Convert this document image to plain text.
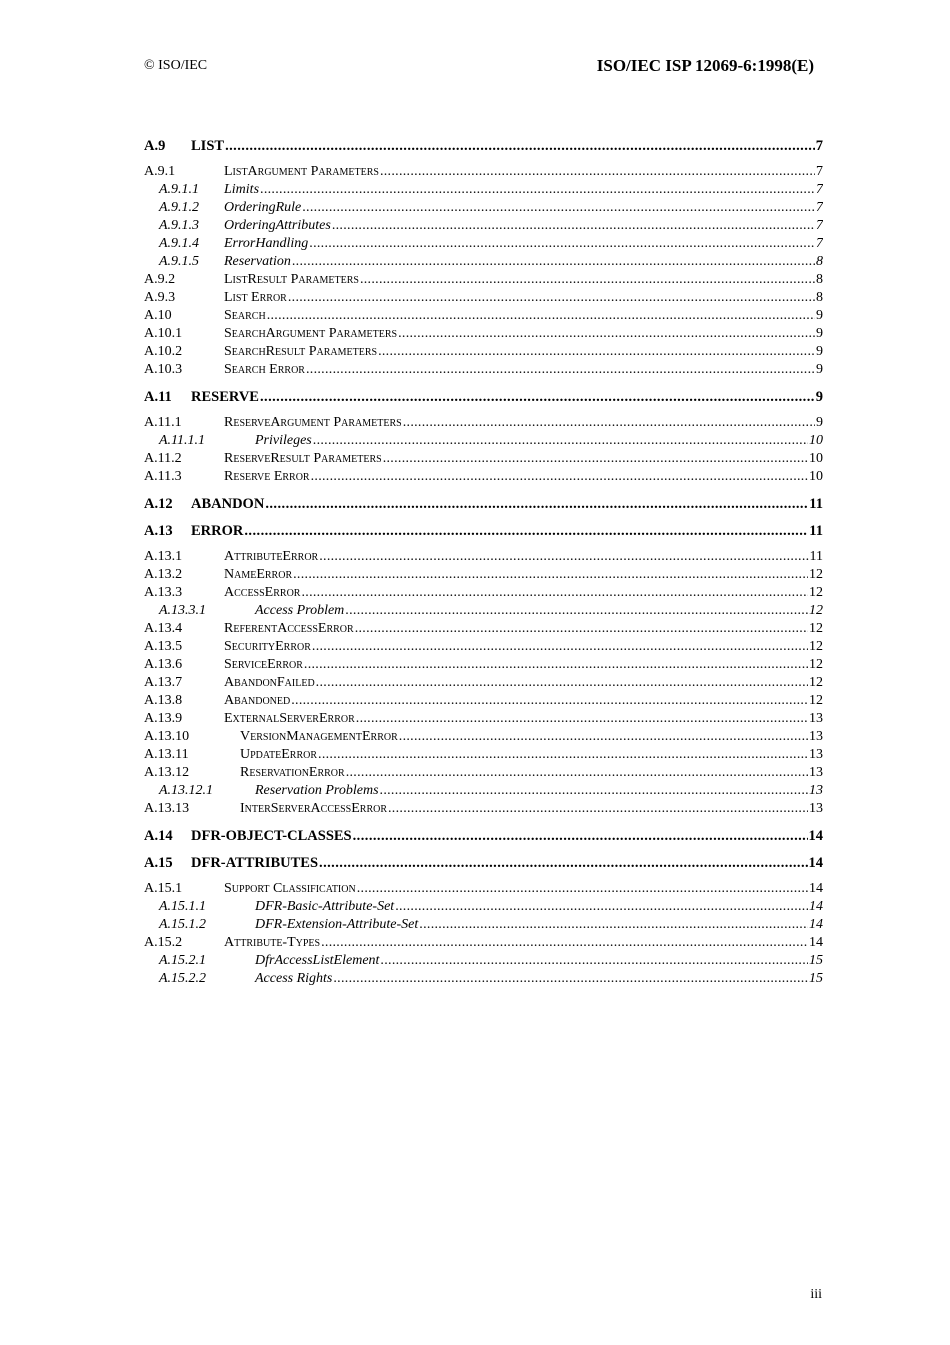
© ISO/IEC	ISO/IEC ISP 12069-6:1998(E)
A.9	LIST . . .	7
A.9.1	ListArgument Parameters . . .	7
A.9.1.1	Limits . . .	7
A.9.1.2	OrderingRule . . .	7
A.9.1.3	OrderingAttributes . . .	7
A.9.1.4	ErrorHandling . . .	7
A.9.1.5	Reservation . . .	8
A.9.2	ListResult Parameters . . .	8
A.9.3	List Error . . .	8
A.10	Search . . .	9
A.10.1	SearchArgument Parameters . . .	9
A.10.2	SearchResult Parameters . . .	9
A.10.3	Search Error . . .	9
A.11	RESERVE . . .	9
A.11.1	ReserveArgument Parameters . . .	9
A.11.1.1	Privileges . . .	10
A.11.2	ReserveResult Parameters . . .	10
A.11.3	Reserve Error . . .	10
A.12	ABANDON . . .	11
A.13	ERROR . . .	11
A.13.1	AttributeError . . .	11
A.13.2	NameError . . .	12
A.13.3	AccessError . . .	12
A.13.3.1	Access Problem . . .	12
A.13.4	ReferentAccessError . . .	12
A.13.5	SecurityError . . .	12
A.13.6	ServiceError . . .	12
A.13.7	AbandonFailed . . .	12
A.13.8	Abandoned . . .	12
A.13.9	ExternalServerError . . .	13
A.13.10	VersionManagementError . . .	13
A.13.11	UpdateError . . .	13
A.13.12	ReservationError . . .	13
A.13.12.1	Reservation Problems . . .	13
A.13.13	InterServerAccessError . . .	13
A.14	DFR-OBJECT-CLASSES . . .	14
A.15	DFR-ATTRIBUTES . . .	14
A.15.1	Support Classification . . .	14
A.15.1.1	DFR-Basic-Attribute-Set . . .	14
A.15.1.2	DFR-Extension-Attribute-Set . . .	14
A.15.2	Attribute-Types . . .	14
A.15.2.1	DfrAccessListElement . . .	15
A.15.2.2	Access Rights . . .	15
iii
